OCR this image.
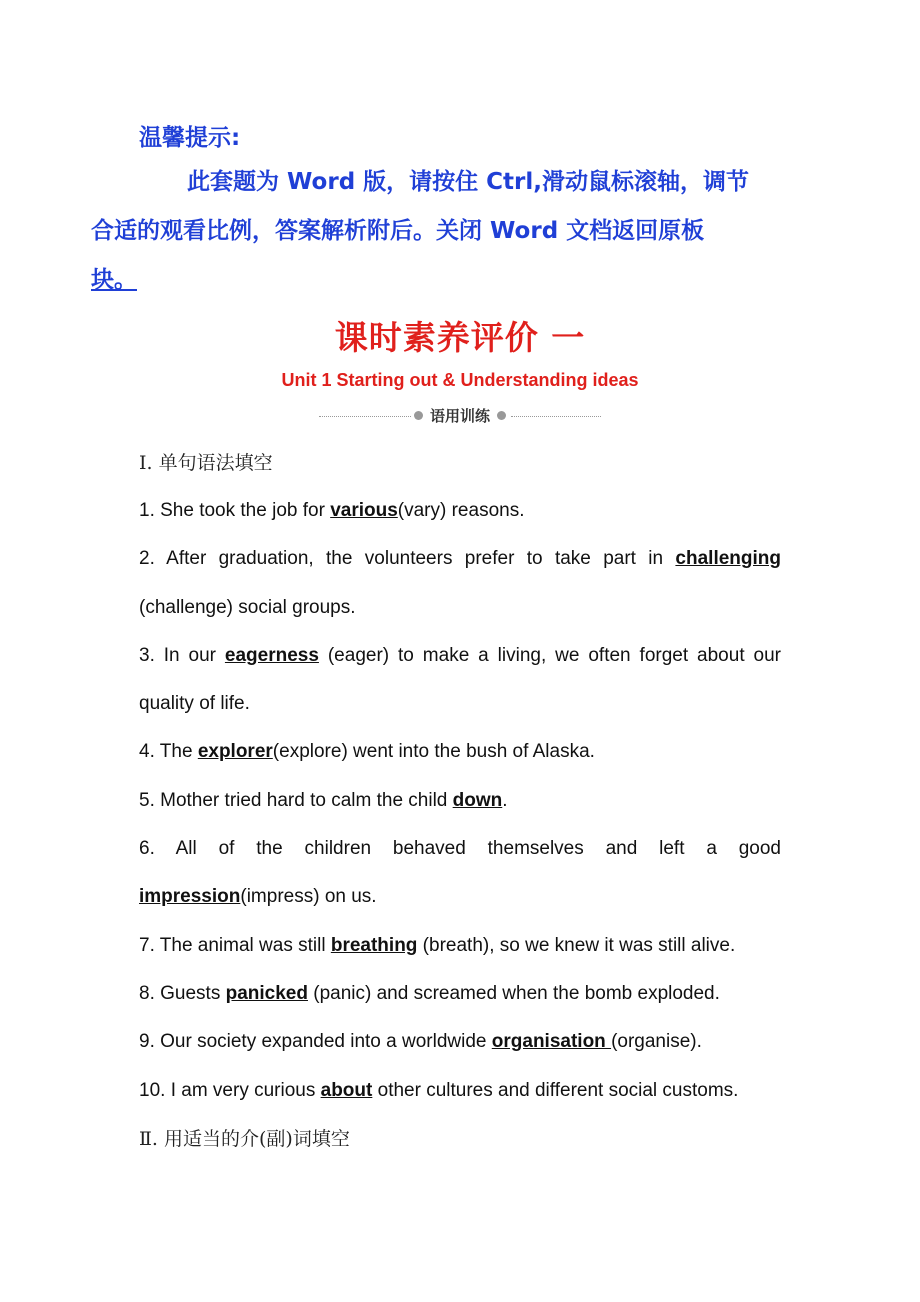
温馨提示:

此套题为 Word 版，请按住 Ctrl,滑动鼠标滚轴，调节
合适的观看比例，答案解析附后。关闭 Word 文档返回原板
块。

课时素养评价 一
Unit 1 Starting out & Understanding ideas
语用训练
Ⅰ. 单句语法填空

1. She took the job for various(vary) reasons.

2. After graduation, the volunteers prefer to take part in challenging (challenge) social groups.

3. In our eagerness (eager) to make a living, we often forget about our quality of life.

4. The explorer(explore) went into the bush of Alaska.

5. Mother tried hard to calm the child down.

6. All of the children behaved themselves and left a good impression(impress) on us.

7. The animal was still breathing (breath), so we knew it was still alive.

8. Guests panicked (panic) and screamed when the bomb exploded.

9. Our society expanded into a worldwide organisation (organise).

10. I am very curious about other cultures and different social customs.

Ⅱ. 用适当的介(副)词填空
